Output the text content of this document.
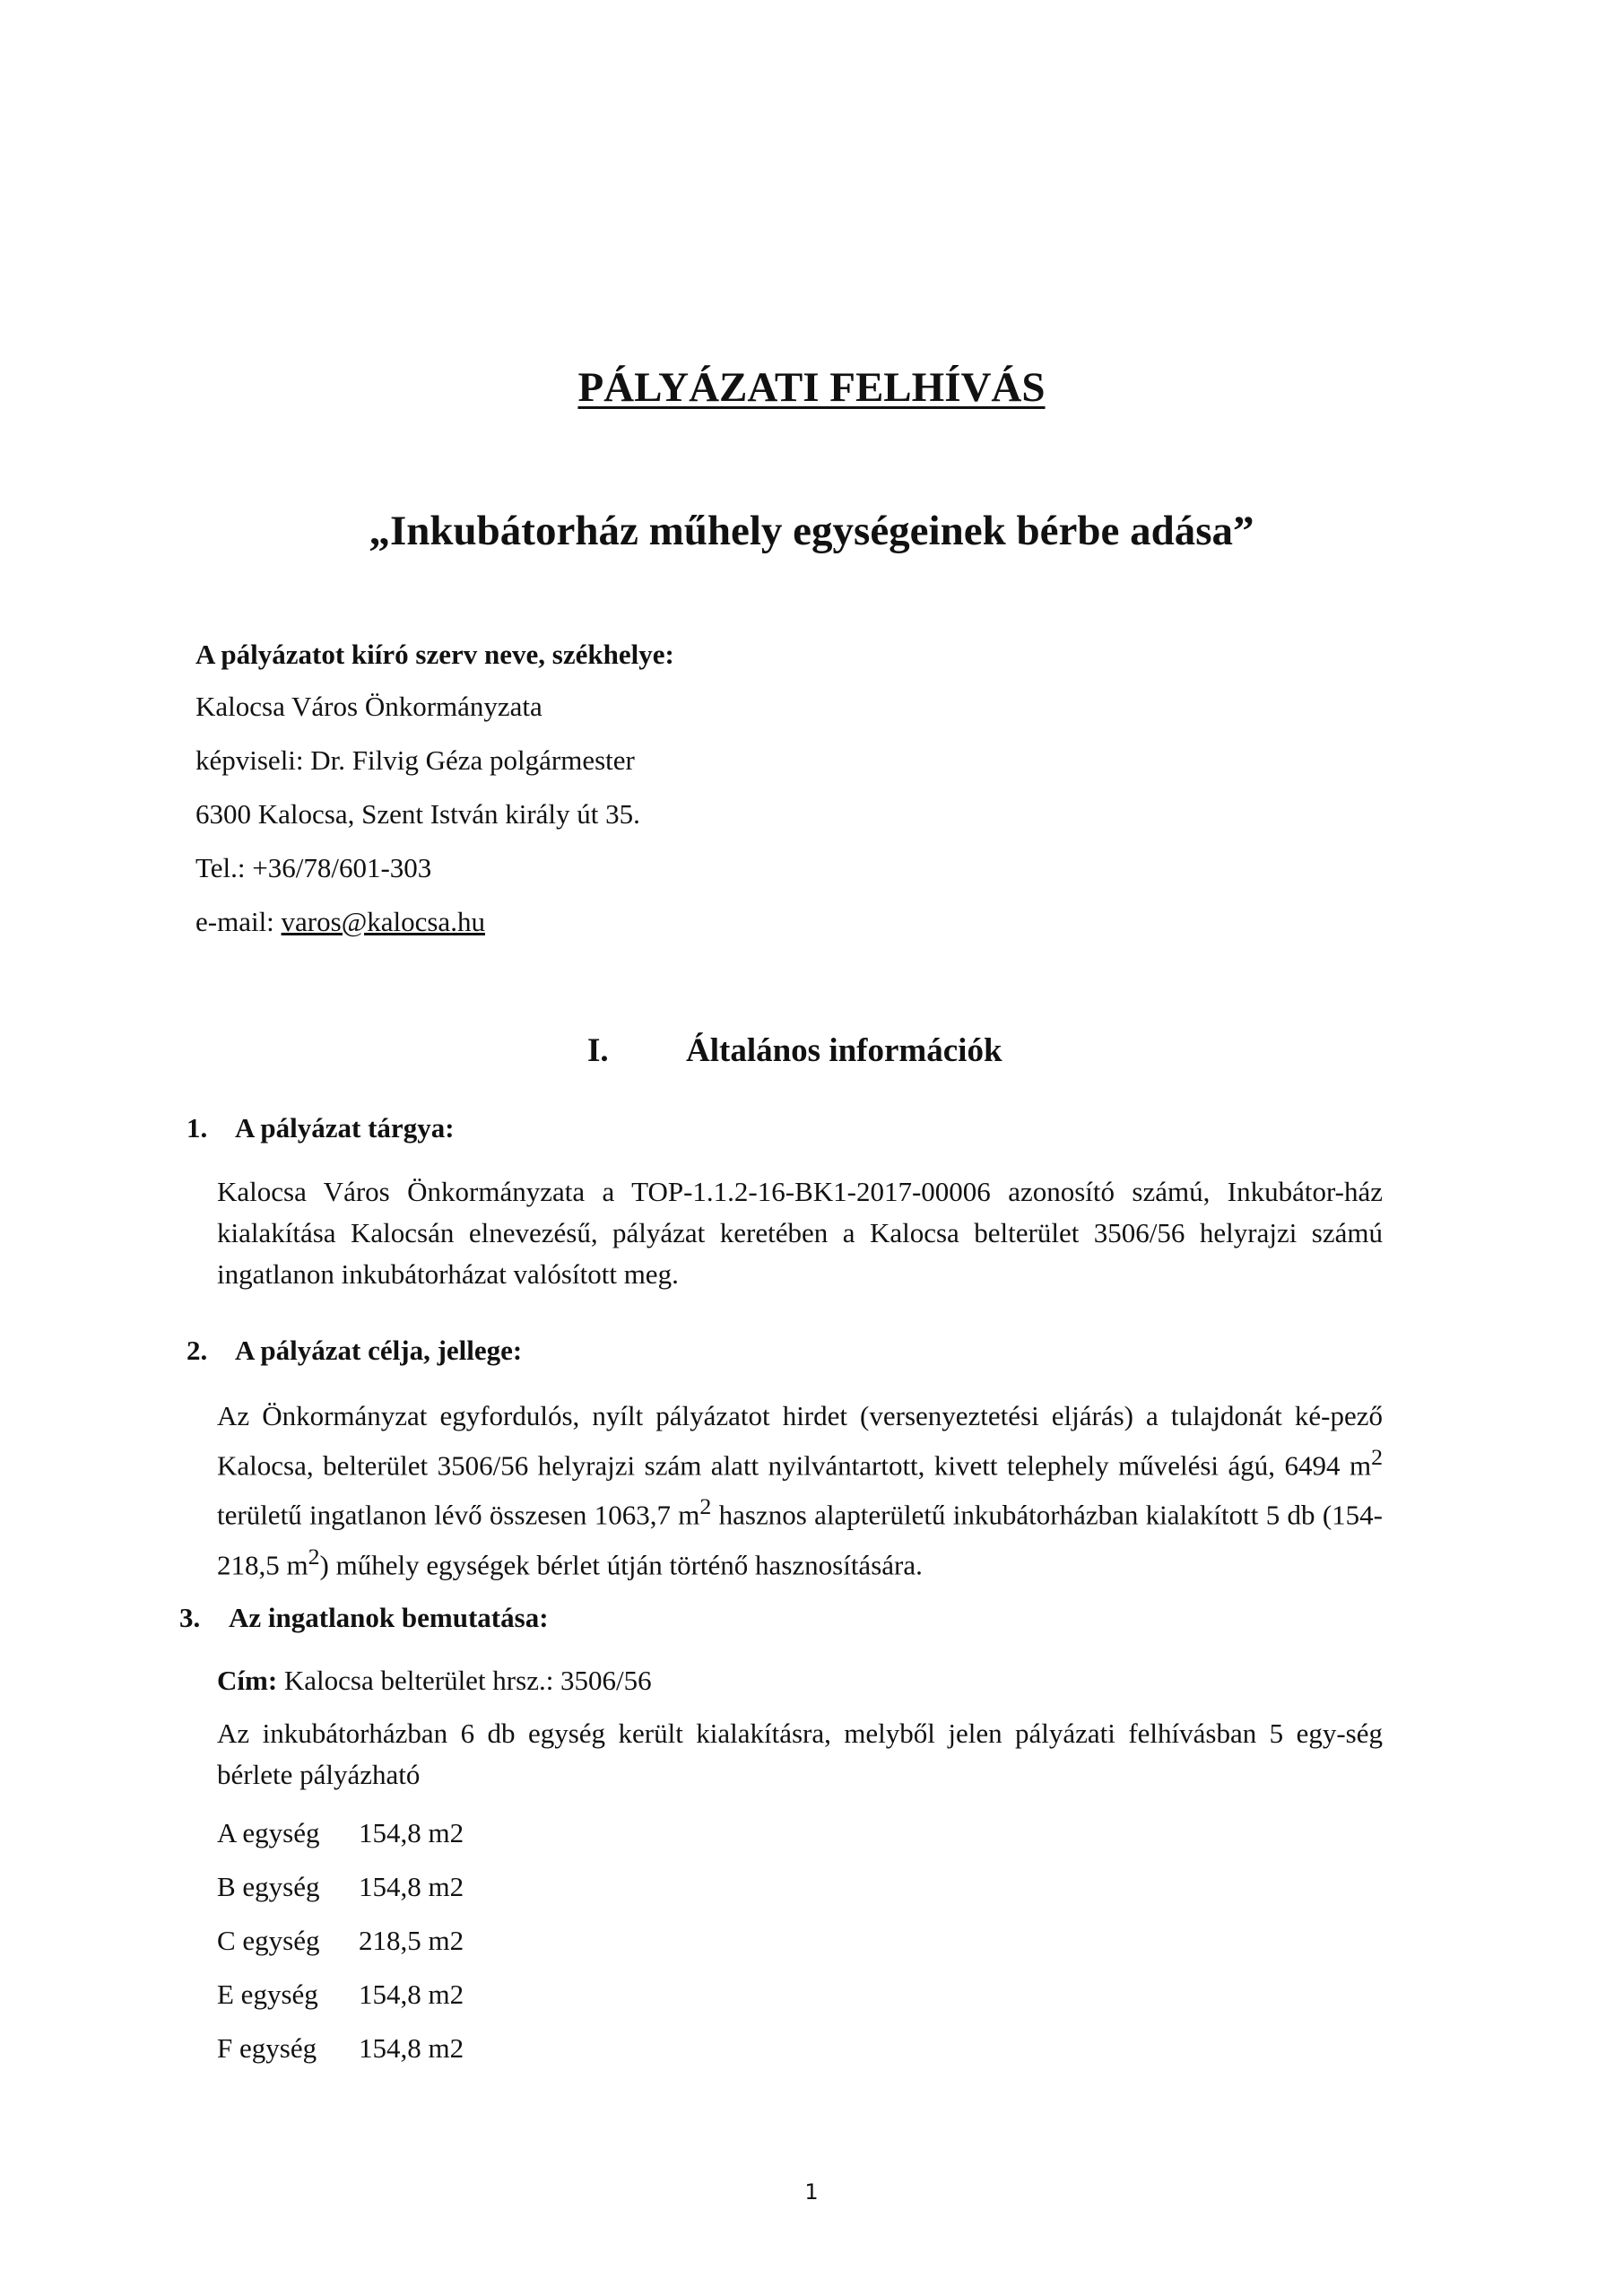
PÁLYÁZATI FELHÍVÁS
„Inkubátorház műhely egységeinek bérbe adása”
A pályázatot kiíró szerv neve, székhelye:
Kalocsa Város Önkormányzata
képviseli: Dr. Filvig Géza polgármester
6300 Kalocsa, Szent István király út 35.
Tel.: +36/78/601-303
e-mail: varos@kalocsa.hu
I. Általános információk
1. A pályázat tárgya:
Kalocsa Város Önkormányzata a TOP-1.1.2-16-BK1-2017-00006 azonosító számú, Inkubátor-ház kialakítása Kalocsán elnevezésű, pályázat keretében a Kalocsa belterület 3506/56 helyrajzi számú ingatlanon inkubátorházat valósított meg.
2. A pályázat célja, jellege:
Az Önkormányzat egyfordulós, nyílt pályázatot hirdet (versenyeztetési eljárás) a tulajdonát ké-pező Kalocsa, belterület 3506/56 helyrajzi szám alatt nyilvántartott, kivett telephely művelési ágú, 6494 $m^2$ területű ingatlanon lévő összesen 1063,7 $m^2$ hasznos alapterületű inkubátorházban kialakított 5 db (154-218,5 $m^2$) műhely egységek bérlet útján történő hasznosítására.
3. Az ingatlanok bemutatása:
Cím: Kalocsa belterület hrsz.: 3506/56
Az inkubátorházban 6 db egység került kialakításra, melyből jelen pályázati felhívásban 5 egy-ség bérlete pályázható
A egység 154,8 m2
B egység 154,8 m2
C egység 218,5 m2
E egység 154,8 m2
F egység 154,8 m2
1
